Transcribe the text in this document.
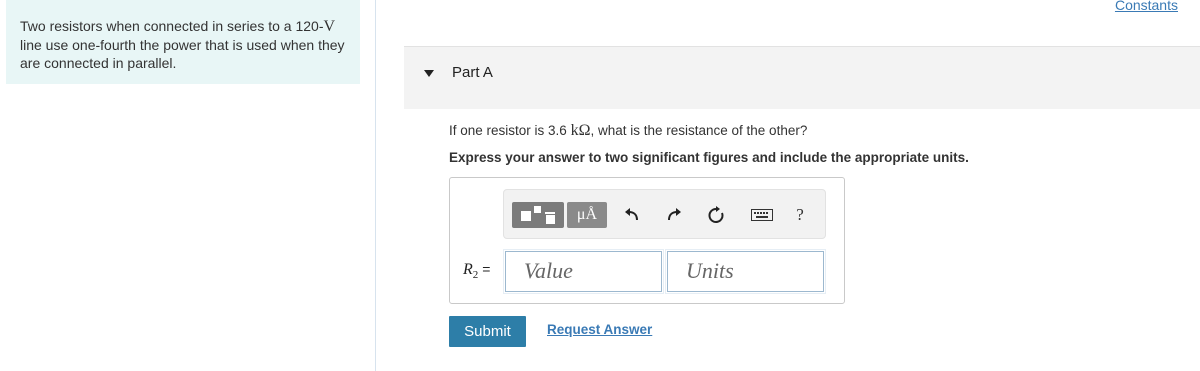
Constants
Two resistors when connected in series to a 120-V line use one-fourth the power that is used when they are connected in parallel.
Part A
If one resistor is 3.6 kΩ, what is the resistance of the other?
Express your answer to two significant figures and include the appropriate units.
μÅ	?
$R_2$ =	Value	Units
Submit	Request Answer
